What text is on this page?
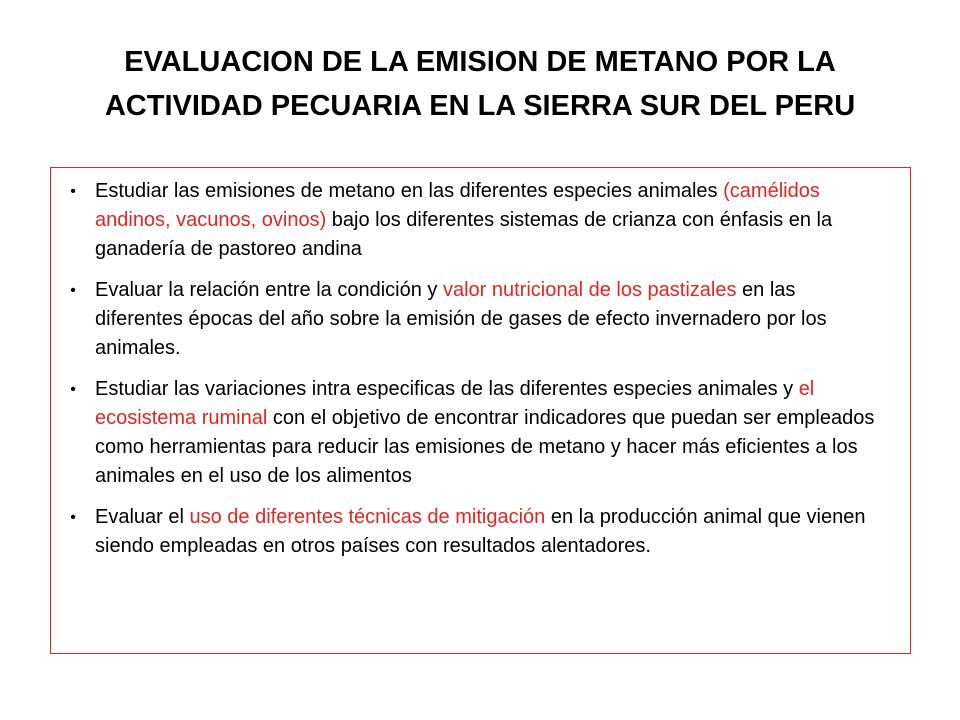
EVALUACION DE LA EMISION DE METANO POR LA ACTIVIDAD PECUARIA EN LA SIERRA SUR DEL PERU
• Estudiar las emisiones de metano en las diferentes especies animales (camélidos andinos, vacunos, ovinos) bajo los diferentes sistemas de crianza con énfasis en la ganadería de pastoreo andina
• Evaluar la relación entre la condición y valor nutricional de los pastizales en las diferentes épocas del año sobre la emisión de gases de efecto invernadero por los animales.
• Estudiar las variaciones intra especificas de las diferentes especies animales y el ecosistema ruminal con el objetivo de encontrar indicadores que puedan ser empleados como herramientas para reducir las emisiones de metano y hacer más eficientes a los animales en el uso de los alimentos
• Evaluar el uso de diferentes técnicas de mitigación en la producción animal que vienen siendo empleadas en otros países con resultados alentadores.
